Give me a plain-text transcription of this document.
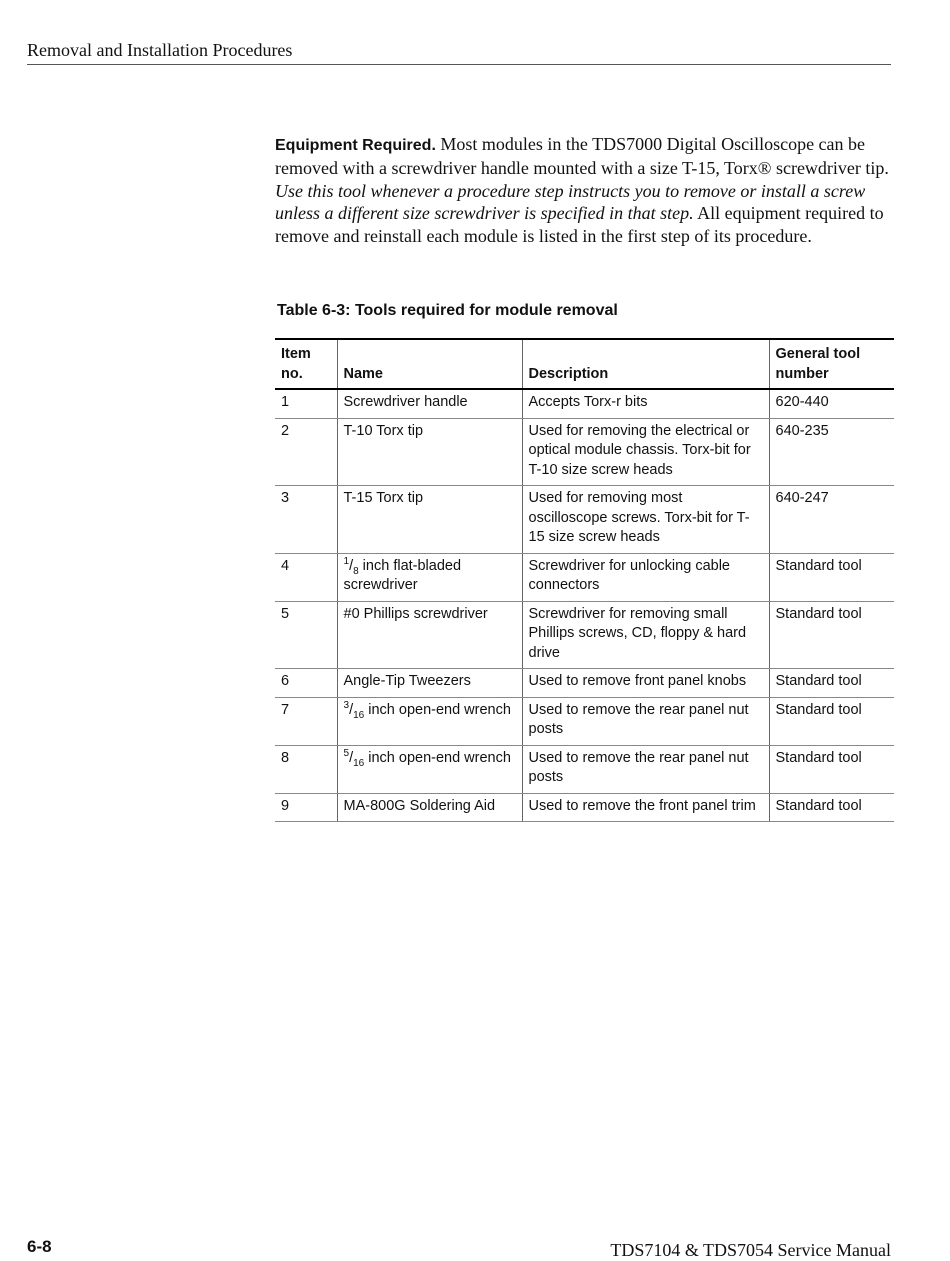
Removal and Installation Procedures

Equipment Required. Most modules in the TDS7000 Digital Oscilloscope can be removed with a screwdriver handle mounted with a size T-15, Torx® screwdriver tip. Use this tool whenever a procedure step instructs you to remove or install a screw unless a different size screwdriver is specified in that step. All equipment required to remove and reinstall each module is listed in the first step of its procedure.

Table 6-3: Tools required for module removal
Item no.	Name	Description	General tool number
1	Screwdriver handle	Accepts Torx-r bits	620-440
2	T-10 Torx tip	Used for removing the electrical or optical module chassis. Torx-bit for T-10 size screw heads	640-235
3	T-15 Torx tip	Used for removing most oscilloscope screws. Torx-bit for T-15 size screw heads	640-247
4	$^1/_8$ inch flat-bladed screwdriver	Screwdriver for unlocking cable connectors	Standard tool
5	#0 Phillips screwdriver	Screwdriver for removing small Phillips screws, CD, floppy & hard drive	Standard tool
6	Angle-Tip Tweezers	Used to remove front panel knobs	Standard tool
7	$^3/_{16}$ inch open-end wrench	Used to remove the rear panel nut posts	Standard tool
8	$^5/_{16}$ inch open-end wrench	Used to remove the rear panel nut posts	Standard tool
9	MA-800G Soldering Aid	Used to remove the front panel trim	Standard tool
6-8	TDS7104 & TDS7054 Service Manual
